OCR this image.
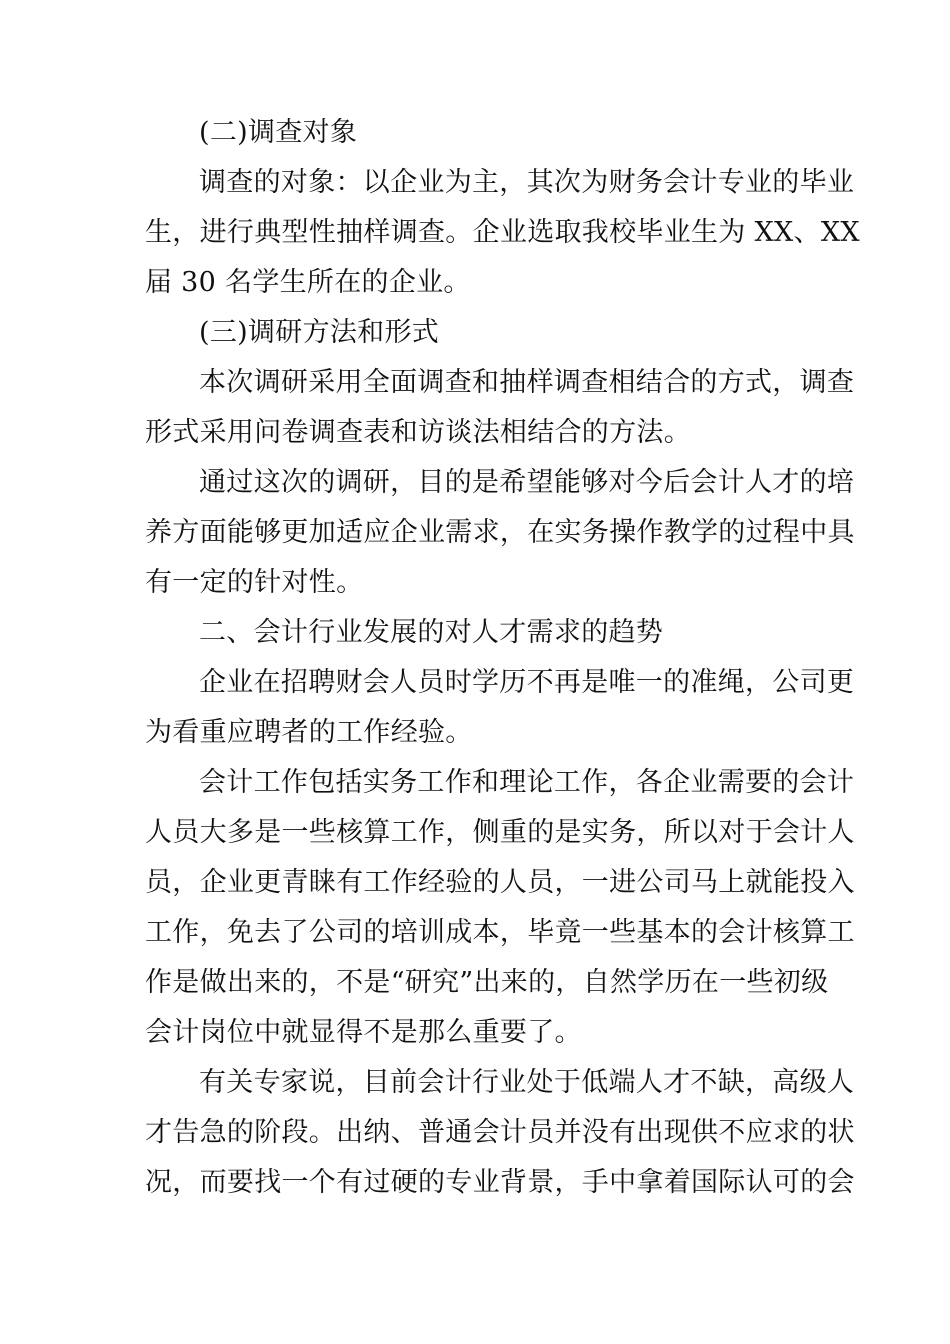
(二)调查对象
调查的对象：以企业为主，其次为财务会计专业的毕业
生，进行典型性抽样调查。企业选取我校毕业生为 XX、XX
届 30 名学生所在的企业。
(三)调研方法和形式
本次调研采用全面调查和抽样调查相结合的方式，调查
形式采用问卷调查表和访谈法相结合的方法。
通过这次的调研，目的是希望能够对今后会计人才的培
养方面能够更加适应企业需求，在实务操作教学的过程中具
有一定的针对性。
二、会计行业发展的对人才需求的趋势
企业在招聘财会人员时学历不再是唯一的准绳，公司更
为看重应聘者的工作经验。
会计工作包括实务工作和理论工作，各企业需要的会计
人员大多是一些核算工作，侧重的是实务，所以对于会计人
员，企业更青睐有工作经验的人员，一进公司马上就能投入
工作，免去了公司的培训成本，毕竟一些基本的会计核算工
作是做出来的，不是“研究”出来的，自然学历在一些初级
会计岗位中就显得不是那么重要了。
有关专家说，目前会计行业处于低端人才不缺，高级人
才告急的阶段。出纳、普通会计员并没有出现供不应求的状
况，而要找一个有过硬的专业背景，手中拿着国际认可的会
